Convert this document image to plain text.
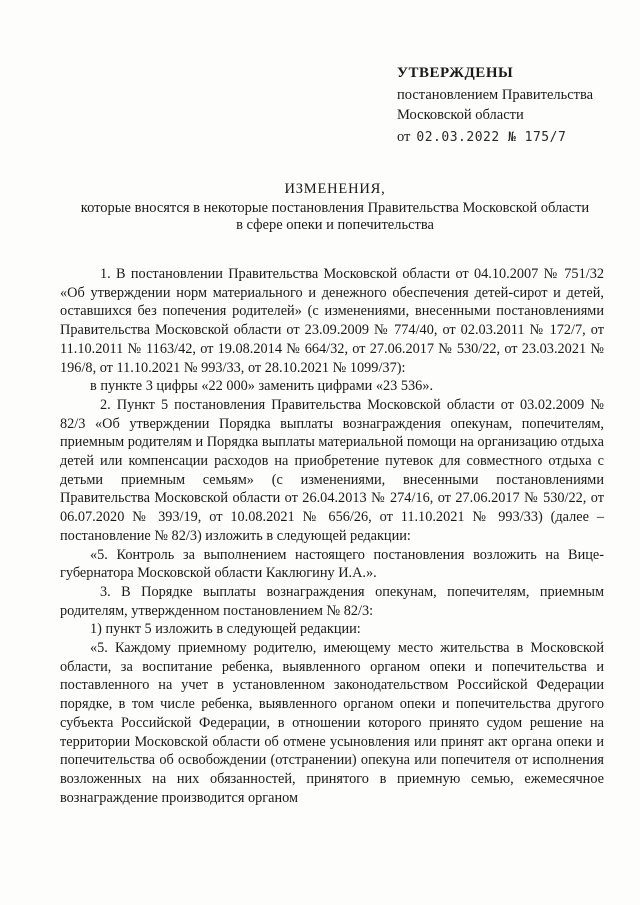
УТВЕРЖДЕНЫ
постановлением Правительства
Московской области
от 02.03.2022 № 175/7
ИЗМЕНЕНИЯ,
которые вносятся в некоторые постановления Правительства Московской области
в сфере опеки и попечительства

1. В постановлении Правительства Московской области от 04.10.2007 № 751/32 «Об утверждении норм материального и денежного обеспечения детей-сирот и детей, оставшихся без попечения родителей» (с изменениями, внесенными постановлениями Правительства Московской области от 23.09.2009 № 774/40, от 02.03.2011 № 172/7, от 11.10.2011 № 1163/42, от 19.08.2014 № 664/32, от 27.06.2017 № 530/22, от 23.03.2021 № 196/8, от 11.10.2021 № 993/33, от 28.10.2021 № 1099/37):

в пункте 3 цифры «22 000» заменить цифрами «23 536».

2. Пункт 5 постановления Правительства Московской области от 03.02.2009 № 82/3 «Об утверждении Порядка выплаты вознаграждения опекунам, попечителям, приемным родителям и Порядка выплаты материальной помощи на организацию отдыха детей или компенсации расходов на приобретение путевок для совместного отдыха с детьми приемным семьям» (с изменениями, внесенными постановлениями Правительства Московской области от 26.04.2013 № 274/16, от 27.06.2017 № 530/22, от 06.07.2020 № 393/19, от 10.08.2021 № 656/26, от 11.10.2021 № 993/33) (далее – постановление № 82/3) изложить в следующей редакции:

«5. Контроль за выполнением настоящего постановления возложить на Вице-губернатора Московской области Каклюгину И.А.».

3. В Порядке выплаты вознаграждения опекунам, попечителям, приемным родителям, утвержденном постановлением № 82/3:

1) пункт 5 изложить в следующей редакции:

«5. Каждому приемному родителю, имеющему место жительства в Московской области, за воспитание ребенка, выявленного органом опеки и попечительства и поставленного на учет в установленном законодательством Российской Федерации порядке, в том числе ребенка, выявленного органом опеки и попечительства другого субъекта Российской Федерации, в отношении которого принято судом решение на территории Московской области об отмене усыновления или принят акт органа опеки и попечительства об освобождении (отстранении) опекуна или попечителя от исполнения возложенных на них обязанностей, принятого в приемную семью, ежемесячное вознаграждение производится органом
